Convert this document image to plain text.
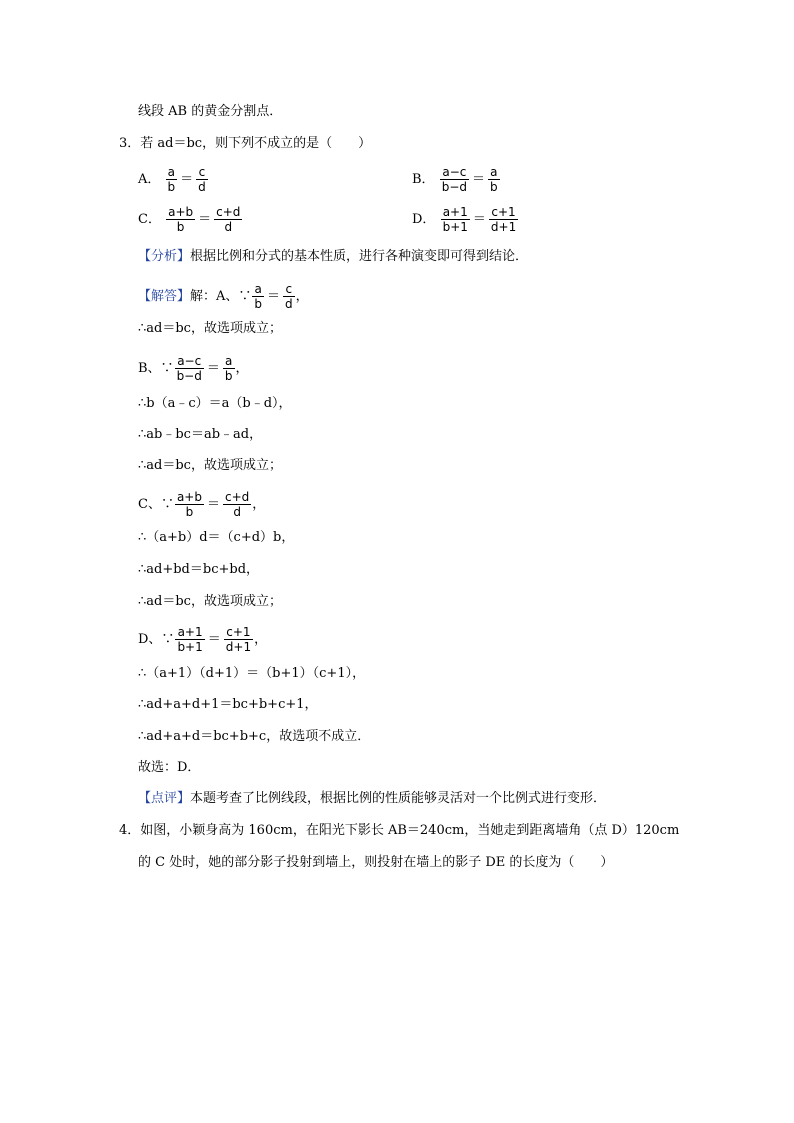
线段 AB 的黄金分割点．
3．若 ad＝bc，则下列不成立的是（　　）
A． $\frac{a}{b} = \frac{c}{d}$	B． $\frac{a-c}{b-d} = \frac{a}{b}$
C． $\frac{a+b}{b} = \frac{c+d}{d}$	D． $\frac{a+1}{b+1} = \frac{c+1}{d+1}$
【分析】根据比例和分式的基本性质，进行各种演变即可得到结论．
【解答】解：A、∵ $\frac{a}{b} = \frac{c}{d}$ ，
∴ad＝bc，故选项成立；
B、∵ $\frac{a-c}{b-d} = \frac{a}{b}$ ，
∴b（a﹣c）＝a（b﹣d），
∴ab﹣bc＝ab﹣ad，
∴ad＝bc，故选项成立；
C、∵ $\frac{a+b}{b} = \frac{c+d}{d}$ ，
∴（a+b）d＝（c+d）b，
∴ad+bd＝bc+bd，
∴ad＝bc，故选项成立；
D、∵ $\frac{a+1}{b+1} = \frac{c+1}{d+1}$ ，
∴（a+1）（d+1）＝（b+1）（c+1），
∴ad+a+d+1＝bc+b+c+1，
∴ad+a+d＝bc+b+c，故选项不成立．
故选：D．
【点评】本题考查了比例线段，根据比例的性质能够灵活对一个比例式进行变形．
4．如图，小颖身高为 160cm，在阳光下影长 AB＝240cm，当她走到距离墙角（点 D）120cm
的 C 处时，她的部分影子投射到墙上，则投射在墙上的影子 DE 的长度为（　　）
